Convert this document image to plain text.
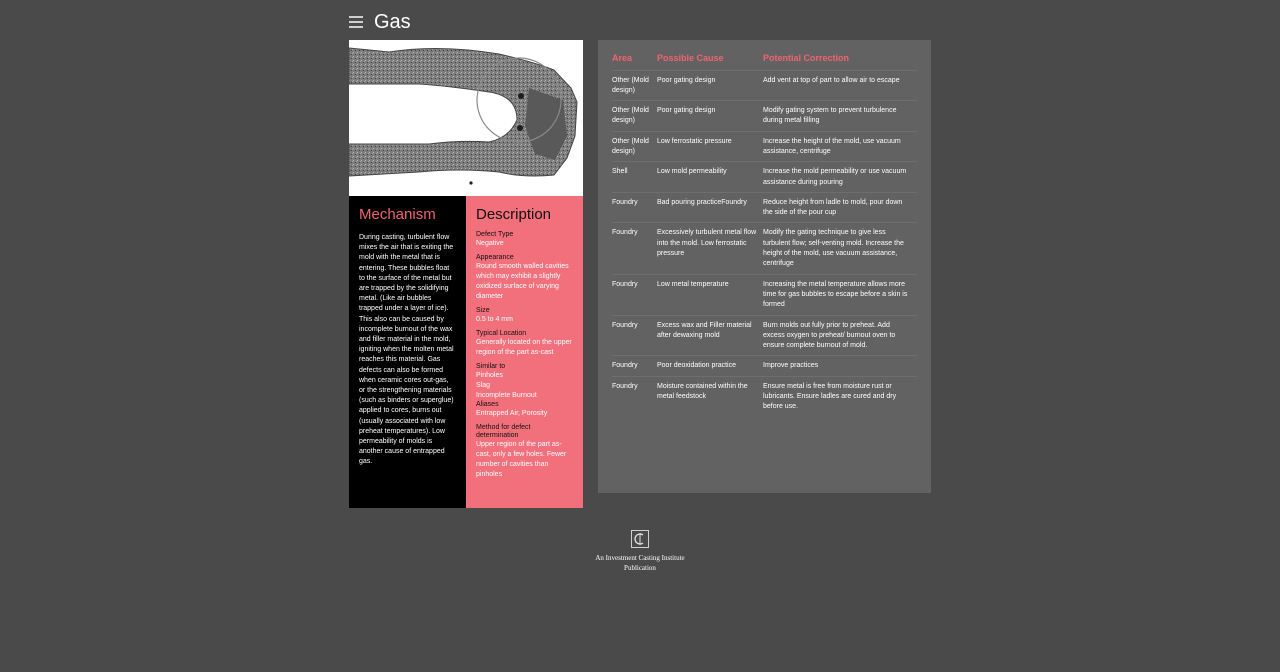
Gas
Mechanism
During casting, turbulent flow mixes the air that is exiting the mold with the metal that is entering. These bubbles float to the surface of the metal but are trapped by the solidifying metal. (Like air bubbles trapped under a layer of ice). This also can be caused by incomplete burnout of the wax and filler material in the mold, igniting when the molten metal reaches this material. Gas defects can also be formed when ceramic cores out-gas, or the strengthening materials (such as binders or superglue) applied to cores, burns out (usually associated with low preheat temperatures). Low permeability of molds is another cause of entrapped gas.
Description
Defect Type
Negative
Appearance
Round smooth walled cavities which may exhibit a slightly oxidized surface of varying diameter
Size
0.5 to 4 mm
Typical Location
Generally located on the upper region of the part as-cast
Similar to
Pinholes
Slag
Incomplete Burnout
Aliases
Entrapped Air, Porosity
Method for defect determination
Upper region of the part as-cast, only a few holes. Fewer number of cavities than pinholes
Area	Possible Cause	Potential Correction
Other (Mold design)	Poor gating design	Add vent at top of part to allow air to escape
Other (Mold design)	Poor gating design	Modify gating system to prevent turbulence during metal filling
Other (Mold design)	Low ferrostatic pressure	Increase the height of the mold, use vacuum assistance, centrifuge
Shell	Low mold permeability	Increase the mold permeability or use vacuum assistance during pouring
Foundry	Bad pouring practiceFoundry	Reduce height from ladle to mold, pour down the side of the pour cup
Foundry	Excessively turbulent metal flow into the mold. Low ferrostatic pressure	Modify the gating technique to give less turbulent flow; self-venting mold. Increase the height of the mold, use vacuum assistance, centrifuge
Foundry	Low metal temperature	Increasing the metal temperature allows more time for gas bubbles to escape before a skin is formed
Foundry	Excess wax and Filler material after dewaxing mold	Burn molds out fully prior to preheat. Add excess oxygen to preheat/ burnout oven to ensure complete burnout of mold.
Foundry	Poor deoxidation practice	Improve practices
Foundry	Moisture contained within the metal feedstock	Ensure metal is free from moisture rust or lubricants. Ensure ladles are cured and dry before use.
An Investment Casting Institute
Publication
